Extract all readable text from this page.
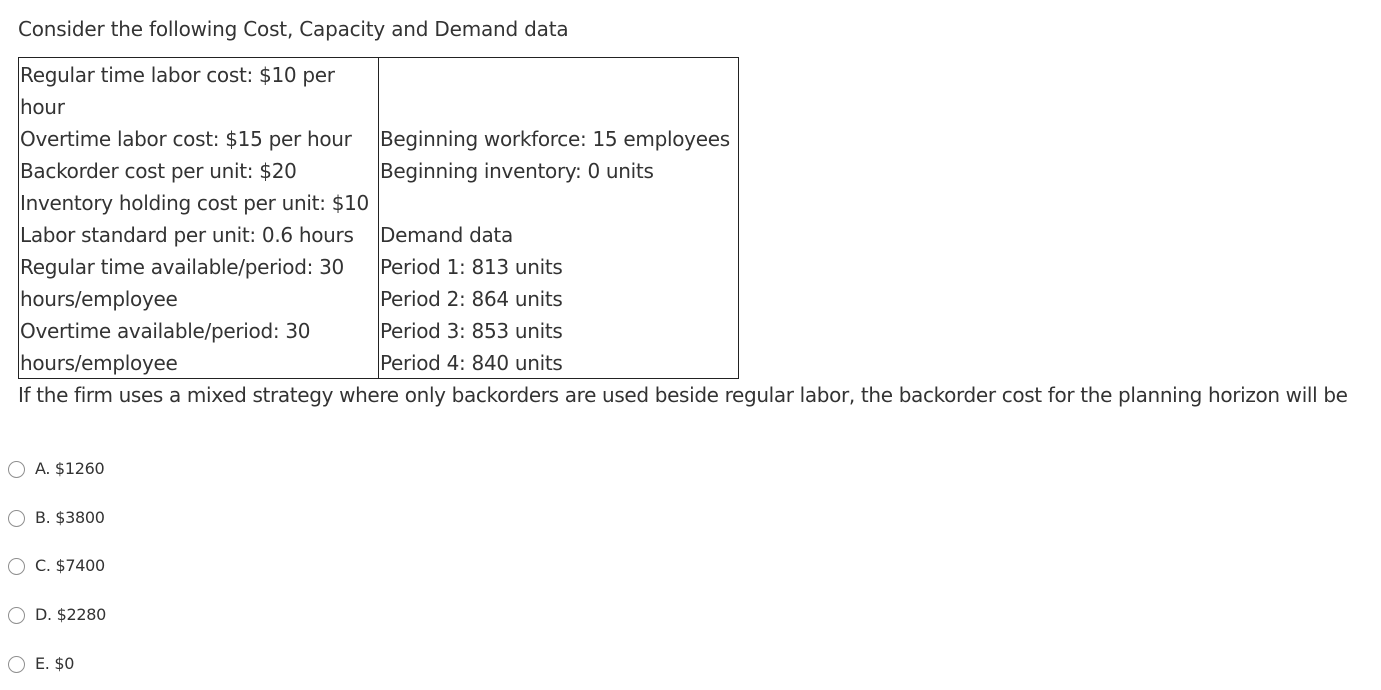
Consider the following Cost, Capacity and Demand data
Regular time labor cost: $10 per
hour
Overtime labor cost: $15 per hour
Backorder cost per unit: $20
Inventory holding cost per unit: $10
Labor standard per unit: 0.6 hours
Regular time available/period: 30
hours/employee
Overtime available/period: 30
hours/employee
Beginning workforce: 15 employees
Beginning inventory: 0 units
Demand data
Period 1: 813 units
Period 2: 864 units
Period 3: 853 units
Period 4: 840 units
If the firm uses a mixed strategy where only backorders are used beside regular labor, the backorder cost for the planning horizon will be
A. $1260
B. $3800
C. $7400
D. $2280
E. $0
